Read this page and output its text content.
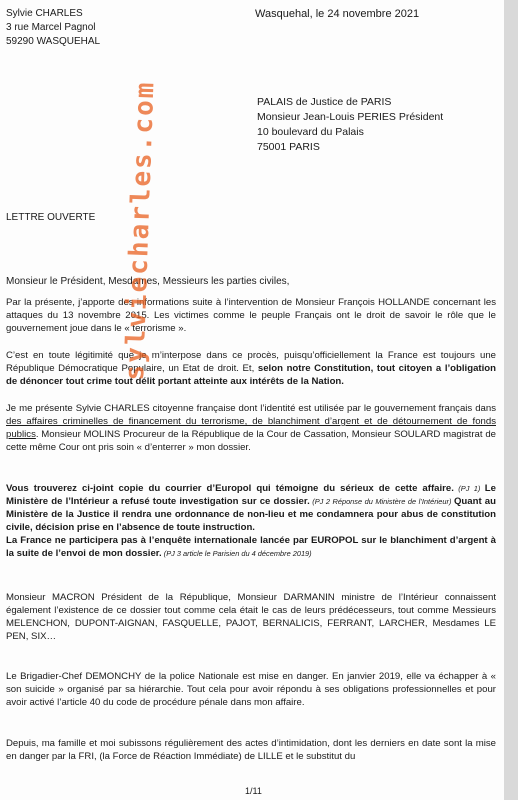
Sylvie CHARLES
3 rue Marcel Pagnol
59290 WASQUEHAL
Wasquehal, le 24 novembre 2021
PALAIS de Justice de PARIS
Monsieur Jean-Louis PERIES Président
10 boulevard du Palais
75001 PARIS
LETTRE OUVERTE
Monsieur le Président, Mesdames, Messieurs les parties civiles,

Par la présente, j’apporte des informations suite à l’intervention de Monsieur François HOLLANDE concernant les attaques du 13 novembre 2015. Les victimes comme le peuple Français ont le droit de savoir le rôle que le gouvernement joue dans le « terrorisme ».

C’est en toute légitimité que je m’interpose dans ce procès, puisqu’officiellement la France est toujours une République Démocratique Populaire, un Etat de droit. Et, selon notre Constitution, tout citoyen a l’obligation de dénoncer tout crime tout délit portant atteinte aux intérêts de la Nation.

Je me présente Sylvie CHARLES citoyenne française dont l’identité est utilisée par le gouvernement français dans des affaires criminelles de financement du terrorisme, de blanchiment d’argent et de détournement de fonds publics. Monsieur MOLINS Procureur de la République de la Cour de Cassation, Monsieur SOULARD magistrat de cette même Cour ont pris soin « d’enterrer » mon dossier.

Vous trouverez ci-joint copie du courrier d’Europol qui témoigne du sérieux de cette affaire. (PJ 1) Le Ministère de l’Intérieur a refusé toute investigation sur ce dossier. (PJ 2 Réponse du Ministère de l’Intérieur) Quant au Ministère de la Justice il rendra une ordonnance de non-lieu et me condamnera pour abus de constitution civile, décision prise en l’absence de toute instruction.

La France ne participera pas à l’enquête internationale lancée par EUROPOL sur le blanchiment d’argent à la suite de l’envoi de mon dossier. (PJ 3 article le Parisien du 4 décembre 2019)

Monsieur MACRON Président de la République, Monsieur DARMANIN ministre de l’Intérieur connaissent également l’existence de ce dossier tout comme cela était le cas de leurs prédécesseurs, tout comme Messieurs MELENCHON, DUPONT-AIGNAN, FASQUELLE, PAJOT, BERNALICIS, FERRANT, LARCHER, Mesdames LE PEN, SIX…

Le Brigadier-Chef DEMONCHY de la police Nationale est mise en danger. En janvier 2019, elle va échapper à « son suicide » organisé par sa hiérarchie. Tout cela pour avoir répondu à ses obligations professionnelles et pour avoir activé l’article 40 du code de procédure pénale dans mon affaire.

Depuis, ma famille et moi subissons régulièrement des actes d’intimidation, dont les derniers en date sont la mise en danger par la FRI, (la Force de Réaction Immédiate) de LILLE et le substitut du

sylviecharles.com
1/11
